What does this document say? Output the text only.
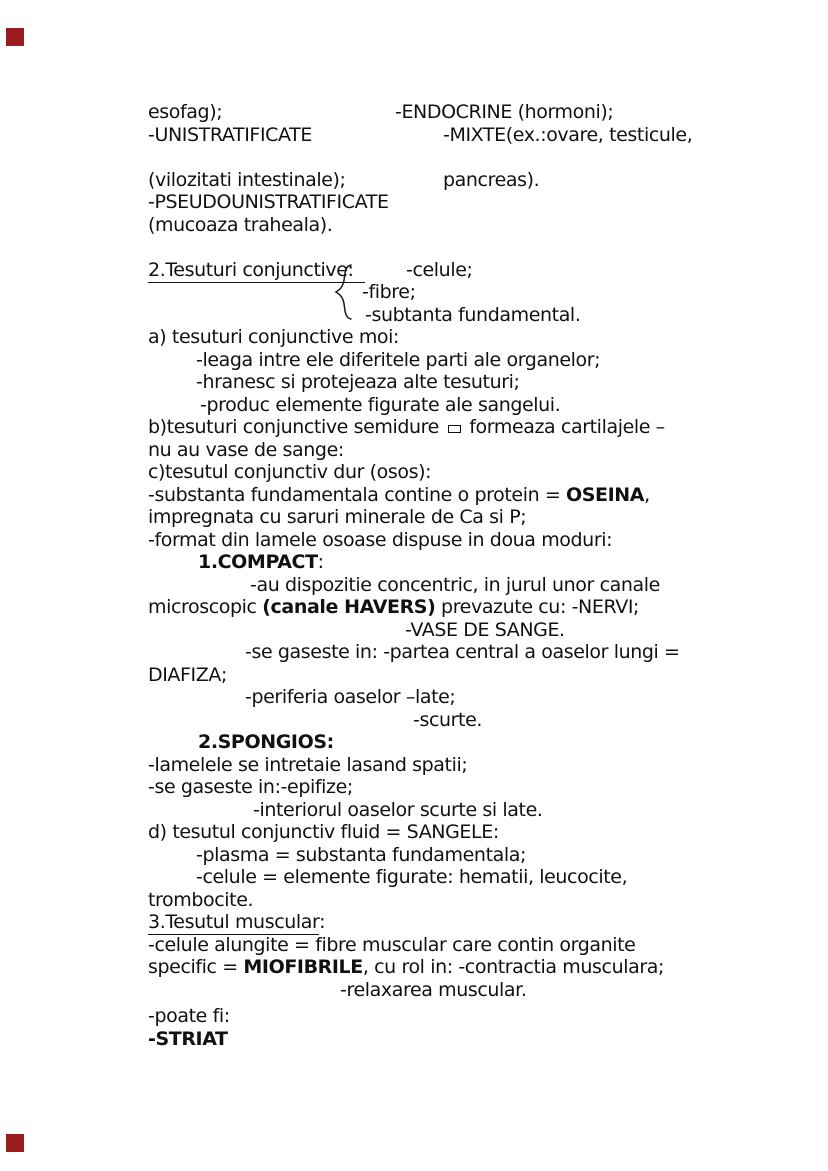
esofag);	-ENDOCRINE (hormoni);
-UNISTRATIFICATE	-MIXTE(ex.:ovare, testicule,
(vilozitati intestinale);	pancreas).
-PSEUDOUNISTRATIFICATE
(mucoaza traheala).
2.Tesuturi conjunctive: -celule;
-fibre;
-subtanta fundamental.
a) tesuturi conjunctive moi:
-leaga intre ele diferitele parti ale organelor;
-hranesc si protejeaza alte tesuturi;
-produc elemente figurate ale sangelui.
b)tesuturi conjunctive semidure  formeaza cartilajele –
nu au vase de sange:
c)tesutul conjunctiv dur (osos):
-substanta fundamentala contine o protein = OSEINA,
impregnata cu saruri minerale de Ca si P;
-format din lamele osoase dispuse in doua moduri:
1.COMPACT:
-au dispozitie concentric, in jurul unor canale
microscopic (canale HAVERS) prevazute cu: -NERVI;
-VASE DE SANGE.
-se gaseste in: -partea central a oaselor lungi =
DIAFIZA;
-periferia oaselor –late;
-scurte.
2.SPONGIOS:
-lamelele se intretaie lasand spatii;
-se gaseste in:-epifize;
-interiorul oaselor scurte si late.
d) tesutul conjunctiv fluid = SANGELE:
-plasma = substanta fundamentala;
-celule = elemente figurate: hematii, leucocite,
trombocite.
3.Tesutul muscular:
-celule alungite = fibre muscular care contin organite
specific = MIOFIBRILE, cu rol in: -contractia musculara;
-relaxarea muscular.
-poate fi:
-STRIAT
